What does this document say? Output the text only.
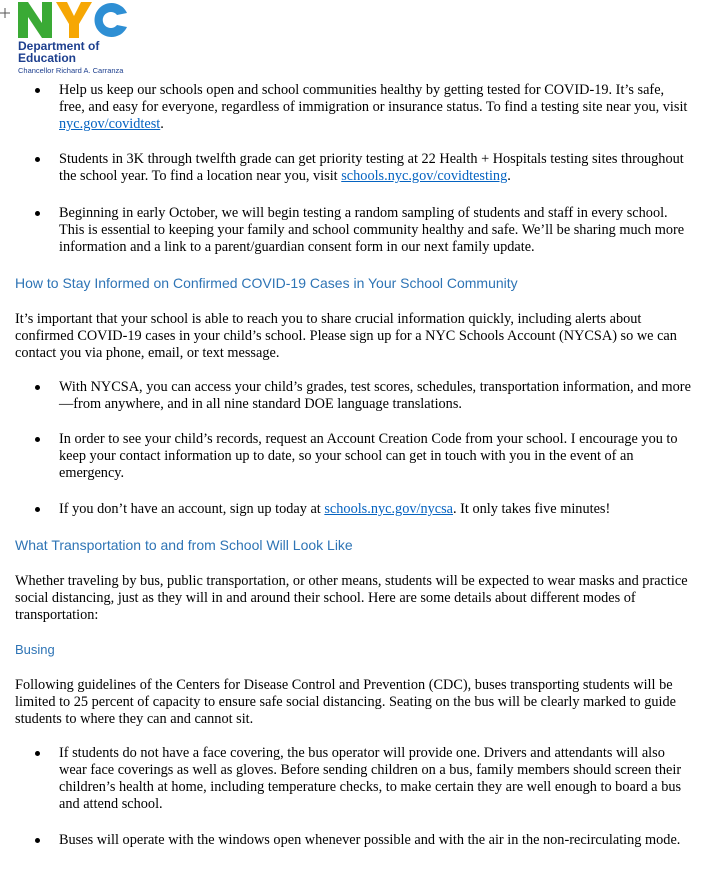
Department of
Education
Chancellor Richard A. Carranza
Help us keep our schools open and school communities healthy by getting tested for COVID-19. It’s safe, free, and easy for everyone, regardless of immigration or insurance status. To find a testing site near you, visit nyc.gov/covidtest.
Students in 3K through twelfth grade can get priority testing at 22 Health + Hospitals testing sites throughout the school year. To find a location near you, visit schools.nyc.gov/covidtesting.
Beginning in early October, we will begin testing a random sampling of students and staff in every school. This is essential to keeping your family and school community healthy and safe. We’ll be sharing much more information and a link to a parent/guardian consent form in our next family update.
How to Stay Informed on Confirmed COVID-19 Cases in Your School Community
It’s important that your school is able to reach you to share crucial information quickly, including alerts about confirmed COVID-19 cases in your child’s school. Please sign up for a NYC Schools Account (NYCSA) so we can contact you via phone, email, or text message.
With NYCSA, you can access your child’s grades, test scores, schedules, transportation information, and more—from anywhere, and in all nine standard DOE language translations.
In order to see your child’s records, request an Account Creation Code from your school. I encourage you to keep your contact information up to date, so your school can get in touch with you in the event of an emergency.
If you don’t have an account, sign up today at schools.nyc.gov/nycsa. It only takes five minutes!
What Transportation to and from School Will Look Like
Whether traveling by bus, public transportation, or other means, students will be expected to wear masks and practice social distancing, just as they will in and around their school. Here are some details about different modes of transportation:
Busing
Following guidelines of the Centers for Disease Control and Prevention (CDC), buses transporting students will be limited to 25 percent of capacity to ensure safe social distancing. Seating on the bus will be clearly marked to guide students to where they can and cannot sit.
If students do not have a face covering, the bus operator will provide one. Drivers and attendants will also wear face coverings as well as gloves. Before sending children on a bus, family members should screen their children’s health at home, including temperature checks, to make certain they are well enough to board a bus and attend school.
Buses will operate with the windows open whenever possible and with the air in the non-recirculating mode.
